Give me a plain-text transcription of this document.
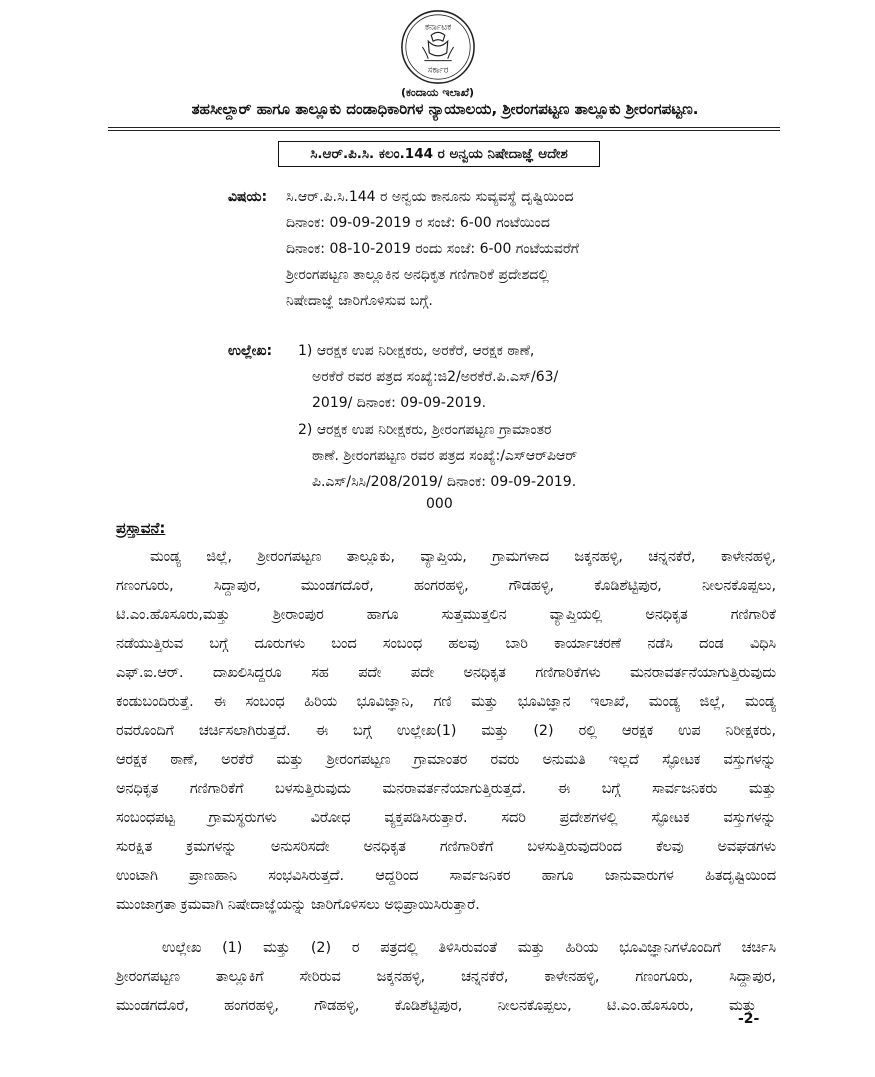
ಕರ್ನಾಟಕ
ಸರ್ಕಾರ
(ಕಂದಾಯ ಇಲಾಖೆ)
ತಹಸೀಲ್ದಾರ್ ಹಾಗೂ ತಾಲ್ಲೂಕು ದಂಡಾಧಿಕಾರಿಗಳ ನ್ಯಾಯಾಲಯ, ಶ್ರೀರಂಗಪಟ್ಟಣ ತಾಲ್ಲೂಕು ಶ್ರೀರಂಗಪಟ್ಟಣ.
ಸಿ.ಆರ್.ಪಿ.ಸಿ. ಕಲಂ.144 ರ ಅನ್ವಯ ನಿಷೇದಾಜ್ಞೆ ಆದೇಶ
ವಿಷಯ: ಸಿ.ಆರ್.ಪಿ.ಸಿ.144 ರ ಅನ್ವಯ ಕಾನೂನು ಸುವ್ಯವಸ್ಥೆ ದೃಷ್ಟಿಯಿಂದ
ದಿನಾಂಕ: 09-09-2019 ರ ಸಂಜೆ: 6-00 ಗಂಟೆಯಿಂದ
ದಿನಾಂಕ: 08-10-2019 ರಂದು ಸಂಜೆ: 6-00 ಗಂಟೆಯವರೆಗೆ
ಶ್ರೀರಂಗಪಟ್ಟಣ ತಾಲ್ಲೂಕಿನ ಅನಧಿಕೃತ ಗಣಿಗಾರಿಕೆ ಪ್ರದೇಶದಲ್ಲಿ
ನಿಷೇದಾಜ್ಞೆ ಜಾರಿಗೊಳಿಸುವ ಬಗ್ಗೆ.
ಉಲ್ಲೇಖ: 1) ಆರಕ್ಷಕ ಉಪ ನಿರೀಕ್ಷಕರು, ಅರಕೆರೆ, ಆರಕ್ಷಕ ಠಾಣೆ,
ಅರಕೆರೆ ರವರ ಪತ್ರದ ಸಂಖ್ಯೆ:ಜಿ2/ಅರಕೆರೆ.ಪಿ.ಎಸ್/63/
2019/ ದಿನಾಂಕ: 09-09-2019.
2) ಆರಕ್ಷಕ ಉಪ ನಿರೀಕ್ಷಕರು, ಶ್ರೀರಂಗಪಟ್ಟಣ ಗ್ರಾಮಾಂತರ
ಠಾಣೆ. ಶ್ರೀರಂಗಪಟ್ಟಣ ರವರ ಪತ್ರದ ಸಂಖ್ಯೆ:/ಎಸ್‌ಆರ್‌ಪಿಆರ್
ಪಿ.ಎಸ್/ಸಿಸಿ/208/2019/ ದಿನಾಂಕ: 09-09-2019.
000
ಪ್ರಸ್ತಾವನೆ:
ಮಂಡ್ಯ ಜಿಲ್ಲೆ, ಶ್ರೀರಂಗಪಟ್ಟಣ ತಾಲ್ಲೂಕು, ವ್ಯಾಪ್ತಿಯ, ಗ್ರಾಮಗಳಾದ ಜಕ್ಕನಹಳ್ಳಿ, ಚನ್ನನಕೆರೆ, ಕಾಳೇನಹಳ್ಳಿ,
ಗಣಂಗೂರು, ಸಿದ್ದಾಪುರ, ಮುಂಡಗದೊರೆ, ಹಂಗರಹಳ್ಳಿ, ಗೌಡಹಳ್ಳಿ, ಕೊಡಿಶೆಟ್ಟಿಪುರ, ನೀಲನಕೊಪ್ಪಲು,
ಟಿ.ಎಂ.ಹೊಸೂರು,ಮತ್ತು ಶ್ರೀರಾಂಪುರ ಹಾಗೂ ಸುತ್ತಮುತ್ತಲಿನ ವ್ಯಾಪ್ತಿಯಲ್ಲಿ ಅನಧಿಕೃತ ಗಣಿಗಾರಿಕೆ
ನಡೆಯುತ್ತಿರುವ ಬಗ್ಗೆ ದೂರುಗಳು ಬಂದ ಸಂಬಂಧ ಹಲವು ಬಾರಿ ಕಾರ್ಯಾಚರಣೆ ನಡೆಸಿ ದಂಡ ವಿಧಿಸಿ
ಎಫ್.ಐ.ಆರ್. ದಾಖಲಿಸಿದ್ದರೂ ಸಹ ಪದೇ ಪದೇ ಅನಧಿಕೃತ ಗಣಿಗಾರಿಕೆಗಳು ಮನರಾವರ್ತನೆಯಾಗುತ್ತಿರುವುದು
ಕಂಡುಬಂದಿರುತ್ತೆ. ಈ ಸಂಬಂಧ ಹಿರಿಯ ಭೂವಿಜ್ಞಾನಿ, ಗಣಿ ಮತ್ತು ಭೂವಿಜ್ಞಾನ ಇಲಾಖೆ, ಮಂಡ್ಯ ಜಿಲ್ಲೆ, ಮಂಡ್ಯ
ರವರೊಂದಿಗೆ ಚರ್ಚಿಸಲಾಗಿರುತ್ತದೆ. ಈ ಬಗ್ಗೆ ಉಲ್ಲೇಖ(1) ಮತ್ತು (2) ರಲ್ಲಿ ಆರಕ್ಷಕ ಉಪ ನಿರೀಕ್ಷಕರು,
ಆರಕ್ಷಕ ಠಾಣೆ, ಅರಕೆರೆ ಮತ್ತು ಶ್ರೀರಂಗಪಟ್ಟಣ ಗ್ರಾಮಾಂತರ ರವರು ಅನುಮತಿ ಇಲ್ಲದೆ ಸ್ಫೋಟಕ ವಸ್ತುಗಳನ್ನು
ಅನಧಿಕೃತ ಗಣಿಗಾರಿಕೆಗೆ ಬಳಸುತ್ತಿರುವುದು ಮನರಾವರ್ತನೆಯಾಗುತ್ತಿರುತ್ತದೆ. ಈ ಬಗ್ಗೆ ಸಾರ್ವಜನಿಕರು ಮತ್ತು
ಸಂಬಂಧಪಟ್ಟ ಗ್ರಾಮಸ್ಥರುಗಳು ವಿರೋಧ ವ್ಯಕ್ತಪಡಿಸಿರುತ್ತಾರೆ. ಸದರಿ ಪ್ರದೇಶಗಳಲ್ಲಿ ಸ್ಫೋಟಕ ವಸ್ತುಗಳನ್ನು
ಸುರಕ್ಷಿತ ಕ್ರಮಗಳನ್ನು ಅನುಸರಿಸದೇ ಅನಧಿಕೃತ ಗಣಿಗಾರಿಕೆಗೆ ಬಳಸುತ್ತಿರುವುದರಿಂದ ಕೆಲವು ಅವಘಡಗಳು
ಉಂಟಾಗಿ ಪ್ರಾಣಹಾನಿ ಸಂಭವಿಸಿರುತ್ತದೆ. ಆದ್ದರಿಂದ ಸಾರ್ವಜನಿಕರ ಹಾಗೂ ಜಾನುವಾರುಗಳ ಹಿತದೃಷ್ಟಿಯಿಂದ
ಮುಂಜಾಗ್ರತಾ ಕ್ರಮವಾಗಿ ನಿಷೇದಾಜ್ಞೆಯನ್ನು ಜಾರಿಗೊಳಿಸಲು ಅಭಿಪ್ರಾಯಿಸಿರುತ್ತಾರೆ.
ಉಲ್ಲೇಖ (1) ಮತ್ತು (2) ರ ಪತ್ರದಲ್ಲಿ ತಿಳಿಸಿರುವಂತೆ ಮತ್ತು ಹಿರಿಯ ಭೂವಿಜ್ಞಾನಿಗಳೊಂದಿಗೆ ಚರ್ಚಿಸಿ
ಶ್ರೀರಂಗಪಟ್ಟಣ ತಾಲ್ಲೂಕಿಗೆ ಸೇರಿರುವ ಜಕ್ಕನಹಳ್ಳಿ, ಚನ್ನನಕೆರೆ, ಕಾಳೇನಹಳ್ಳಿ, ಗಣಂಗೂರು, ಸಿದ್ದಾಪುರ,
ಮುಂಡಗದೊರೆ, ಹಂಗರಹಳ್ಳಿ, ಗೌಡಹಳ್ಳಿ, ಕೊಡಿಶೆಟ್ಟಿಪುರ, ನೀಲನಕೊಪ್ಪಲು, ಟಿ.ಎಂ.ಹೊಸೂರು, ಮತ್ತು
-2-
